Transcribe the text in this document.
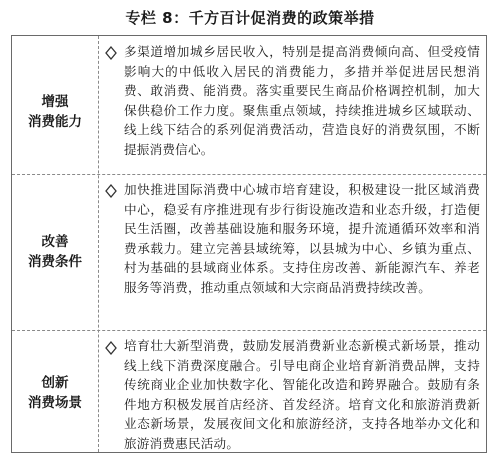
专栏 8：千方百计促消费的政策举措
增强
消费能力
多渠道增加城乡居民收入，特别是提高消费倾向高、但受疫情影响大的中低收入居民的消费能力，多措并举促进居民想消费、敢消费、能消费。落实重要民生商品价格调控机制，加大保供稳价工作力度。聚焦重点领域，持续推进城乡区域联动、线上线下结合的系列促消费活动，营造良好的消费氛围，不断提振消费信心。
改善
消费条件
加快推进国际消费中心城市培育建设，积极建设一批区域消费中心，稳妥有序推进现有步行街设施改造和业态升级，打造便民生活圈，改善基础设施和服务环境，提升流通循环效率和消费承载力。建立完善县域统筹，以县城为中心、乡镇为重点、村为基础的县域商业体系。支持住房改善、新能源汽车、养老服务等消费，推动重点领域和大宗商品消费持续改善。
创新
消费场景
培育壮大新型消费，鼓励发展消费新业态新模式新场景，推动线上线下消费深度融合。引导电商企业培育新消费品牌，支持传统商业企业加快数字化、智能化改造和跨界融合。鼓励有条件地方积极发展首店经济、首发经济。培育文化和旅游消费新业态新场景，发展夜间文化和旅游经济，支持各地举办文化和旅游消费惠民活动。
